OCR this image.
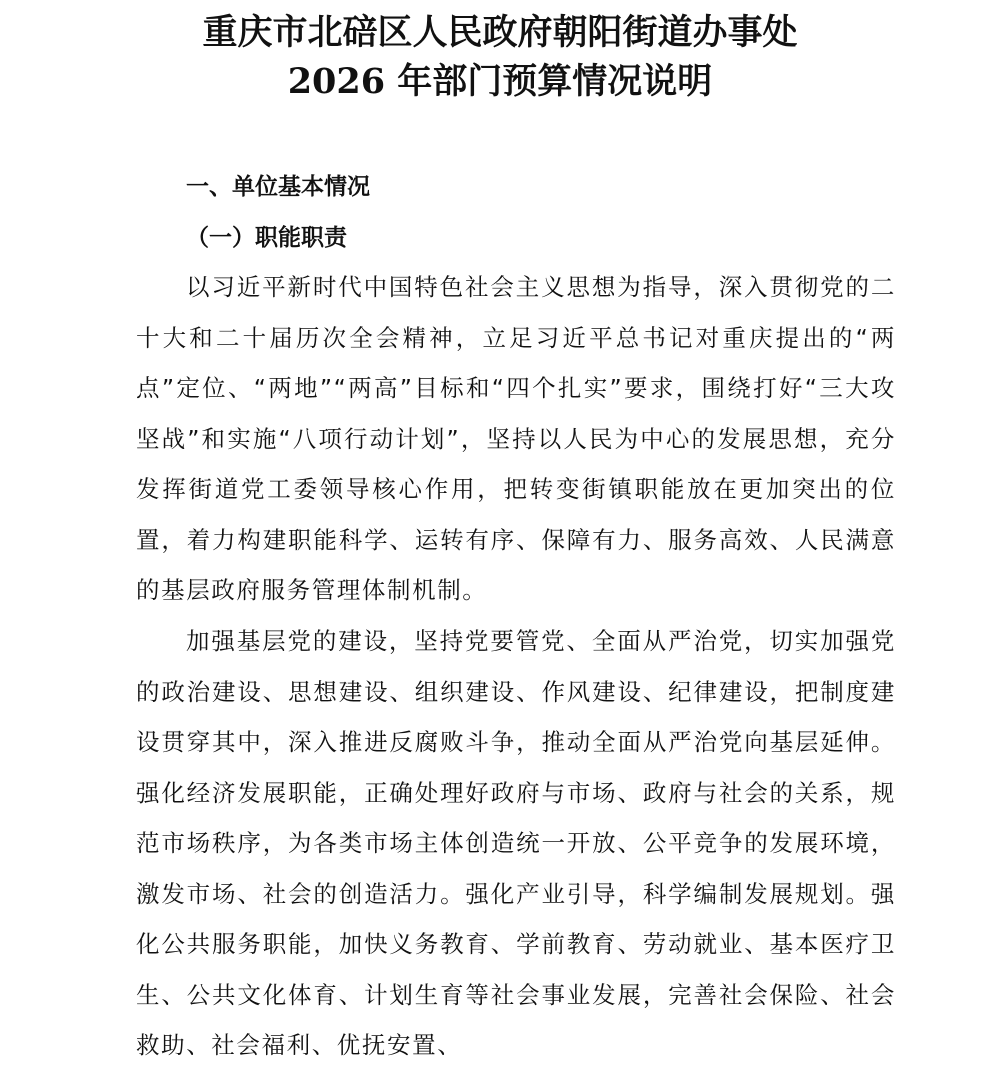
重庆市北碚区人民政府朝阳街道办事处
2026 年部门预算情况说明
一、单位基本情况
（一）职能职责

以习近平新时代中国特色社会主义思想为指导，深入贯彻党的二十大和二十届历次全会精神，立足习近平总书记对重庆提出的“两点”定位、“两地”“两高”目标和“四个扎实”要求，围绕打好“三大攻坚战”和实施“八项行动计划”，坚持以人民为中心的发展思想，充分发挥街道党工委领导核心作用，把转变街镇职能放在更加突出的位置，着力构建职能科学、运转有序、保障有力、服务高效、人民满意的基层政府服务管理体制机制。

加强基层党的建设，坚持党要管党、全面从严治党，切实加强党的政治建设、思想建设、组织建设、作风建设、纪律建设，把制度建设贯穿其中，深入推进反腐败斗争，推动全面从严治党向基层延伸。强化经济发展职能，正确处理好政府与市场、政府与社会的关系，规范市场秩序，为各类市场主体创造统一开放、公平竞争的发展环境，激发市场、社会的创造活力。强化产业引导，科学编制发展规划。强化公共服务职能，加快义务教育、学前教育、劳动就业、基本医疗卫生、公共文化体育、计划生育等社会事业发展，完善社会保险、社会救助、社会福利、优抚安置、
